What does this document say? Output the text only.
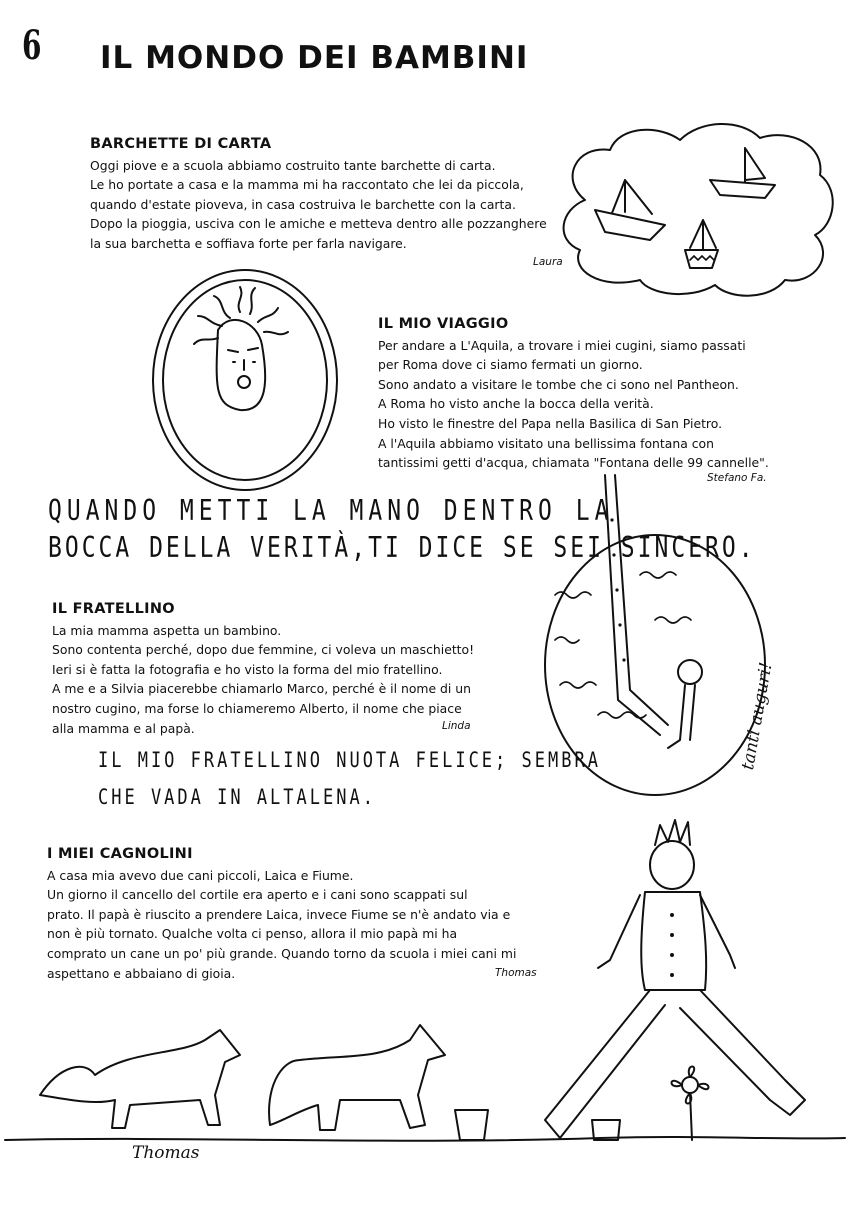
6 IL MONDO DEI BAMBINI
BARCHETTE DI CARTA

Oggi piove e a scuola abbiamo costruito tante barchette di carta.

Le ho portate a casa e la mamma mi ha raccontato che lei da piccola,

quando d'estate pioveva, in casa costruiva le barchette con la carta.

Dopo la pioggia, usciva con le amiche e metteva dentro alle pozzanghere

la sua barchetta e soffiava forte per farla navigare.

Laura
IL MIO VIAGGIO

Per andare a L'Aquila, a trovare i miei cugini, siamo passati

per Roma dove ci siamo fermati un giorno.

Sono andato a visitare le tombe che ci sono nel Pantheon.

A Roma ho visto anche la bocca della verità.

Ho visto le finestre del Papa nella Basilica di San Pietro.

A l'Aquila abbiamo visitato una bellissima fontana con

tantissimi getti d'acqua, chiamata "Fontana delle 99 cannelle".

Stefano Fa.
QUANDO METTI LA MANO DENTRO LA
BOCCA DELLA VERITÀ,TI DICE SE SEI SINCERO.
IL FRATELLINO

La mia mamma aspetta un bambino.

Sono contenta perché, dopo due femmine, ci voleva un maschietto!

Ieri si è fatta la fotografia e ho visto la forma del mio fratellino.

A me e a Silvia piacerebbe chiamarlo Marco, perché è il nome di un

nostro cugino, ma forse lo chiameremo Alberto, il nome che piace

alla mamma e al papà.	Linda
IL MIO FRATELLINO NUOTA FELICE; SEMBRA
CHE VADA IN ALTALENA.
tanti auguri!
I MIEI CAGNOLINI

A casa mia avevo due cani piccoli, Laica e Fiume.

Un giorno il cancello del cortile era aperto e i cani sono scappati sul

prato. Il papà è riuscito a prendere Laica, invece Fiume se n'è andato via e

non è più tornato. Qualche volta ci penso, allora il mio papà mi ha

comprato un cane un po' più grande. Quando torno da scuola i miei cani mi

aspettano e abbaiano di gioia.	Thomas
Thomas
